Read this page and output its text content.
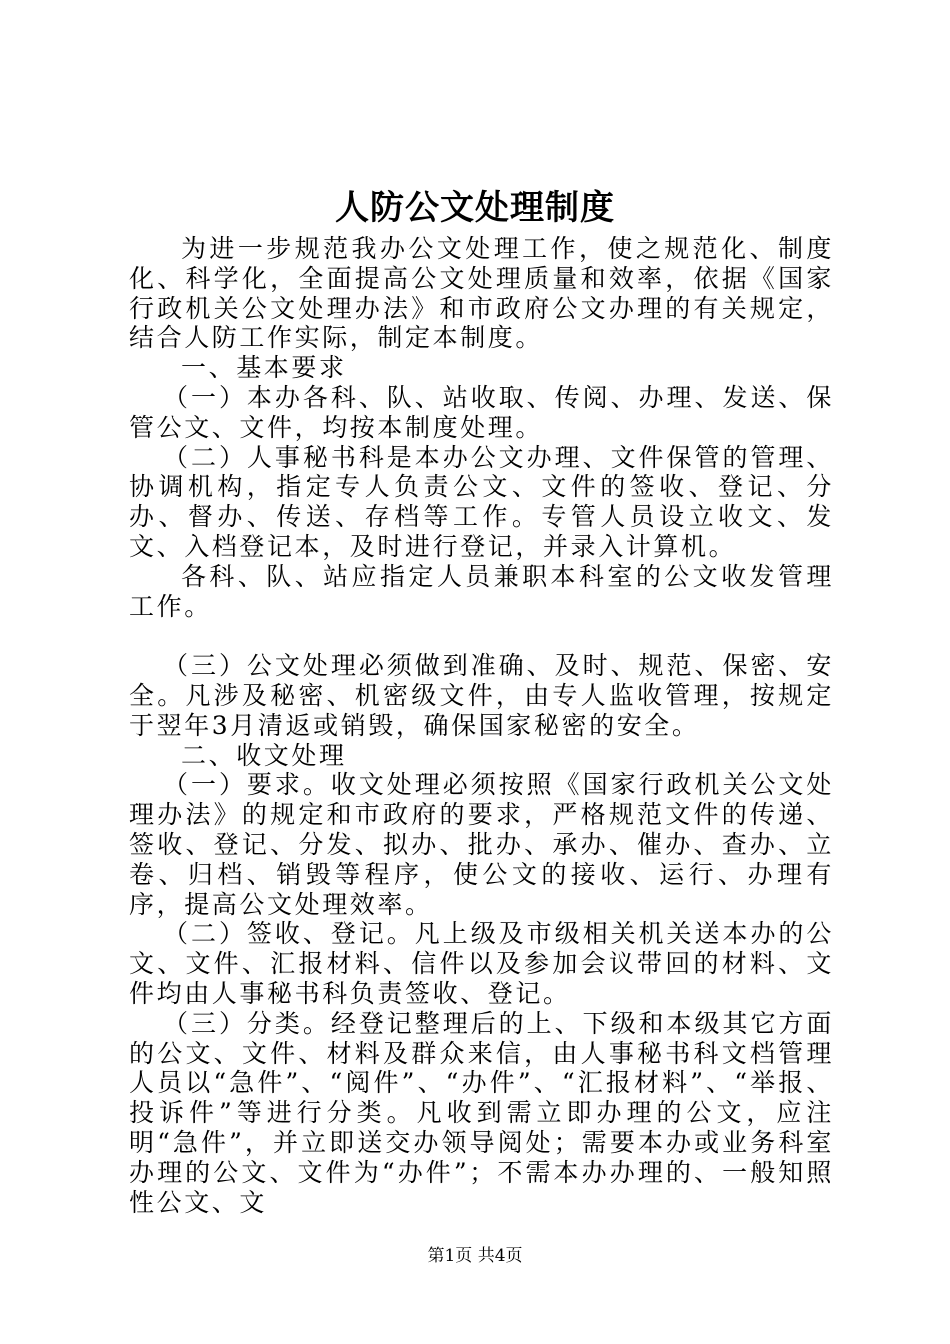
人防公文处理制度

为进一步规范我办公文处理工作，使之规范化、制度化、科学化，全面提高公文处理质量和效率，依据《国家行政机关公文处理办法》和市政府公文办理的有关规定，结合人防工作实际，制定本制度。

一、基本要求

（一）本办各科、队、站收取、传阅、办理、发送、保管公文、文件，均按本制度处理。

（二）人事秘书科是本办公文办理、文件保管的管理、协调机构，指定专人负责公文、文件的签收、登记、分办、督办、传送、存档等工作。专管人员设立收文、发文、入档登记本，及时进行登记，并录入计算机。

各科、队、站应指定人员兼职本科室的公文收发管理工作。

（三）公文处理必须做到准确、及时、规范、保密、安全。凡涉及秘密、机密级文件，由专人监收管理，按规定于翌年3月清返或销毁，确保国家秘密的安全。

二、收文处理

（一）要求。收文处理必须按照《国家行政机关公文处理办法》的规定和市政府的要求，严格规范文件的传递、签收、登记、分发、拟办、批办、承办、催办、查办、立卷、归档、销毁等程序，使公文的接收、运行、办理有序，提高公文处理效率。

（二）签收、登记。凡上级及市级相关机关送本办的公文、文件、汇报材料、信件以及参加会议带回的材料、文件均由人事秘书科负责签收、登记。

（三）分类。经登记整理后的上、下级和本级其它方面的公文、文件、材料及群众来信，由人事秘书科文档管理人员以“急件”、“阅件”、“办件”、“汇报材料”、“举报、投诉件”等进行分类。凡收到需立即办理的公文，应注明“急件”，并立即送交办领导阅处；需要本办或业务科室办理的公文、文件为“办件”；不需本办办理的、一般知照性公文、文

第1页 共4页
